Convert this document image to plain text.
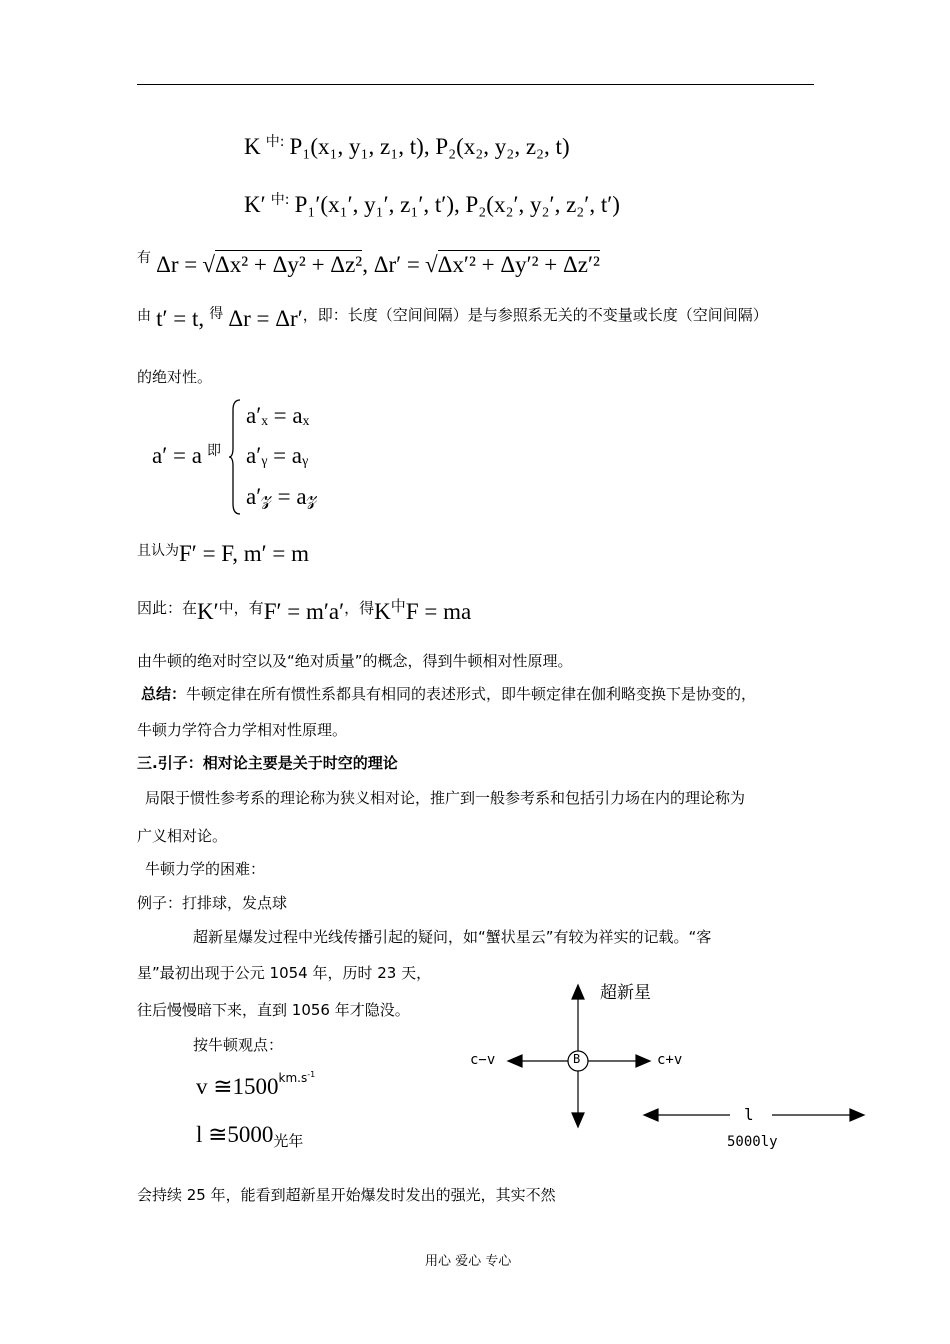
K 中: P₁(x₁, y₁, z₁, t), P₂(x₂, y₂, z₂, t)
K′ 中: P₁′(x₁′, y₁′, z₁′, t′), P₂(x₂′, y₂′, z₂′, t′)
有 Δr = √Δx² + Δy² + Δz², Δr′ = √Δx′² + Δy′² + Δz′²
由 t′ = t, 得 Δr = Δr′，即：长度（空间间隔）是与参照系无关的不变量或长度（空间间隔）
的绝对性。
a′ = a 即
a′ₓ = aₓ
a′ᵧ = aᵧ
a′𝓏 = a𝓏
且认为F′ = F, m′ = m
因此：在K′中，有F′ = m′a′，得K中F = ma
由牛顿的绝对时空以及“绝对质量”的概念，得到牛顿相对性原理。
总结：牛顿定律在所有惯性系都具有相同的表述形式，即牛顿定律在伽利略变换下是协变的，
牛顿力学符合力学相对性原理。
三.引子：相对论主要是关于时空的理论
局限于惯性参考系的理论称为狭义相对论，推广到一般参考系和包括引力场在内的理论称为
广义相对论。
牛顿力学的困难：
例子：打排球，发点球
超新星爆发过程中光线传播引起的疑问，如“蟹状星云”有较为祥实的记载。“客
星”最初出现于公元 1054 年，历时 23 天，
往后慢慢暗下来，直到 1056 年才隐没。
按牛顿观点：
v $≅1500^{km.s-1}$
l ≅5000光年
会持续 25 年，能看到超新星开始爆发时发出的强光，其实不然
超新星
B
c−v	c+v
l
5000ly
用心 爱心 专心
